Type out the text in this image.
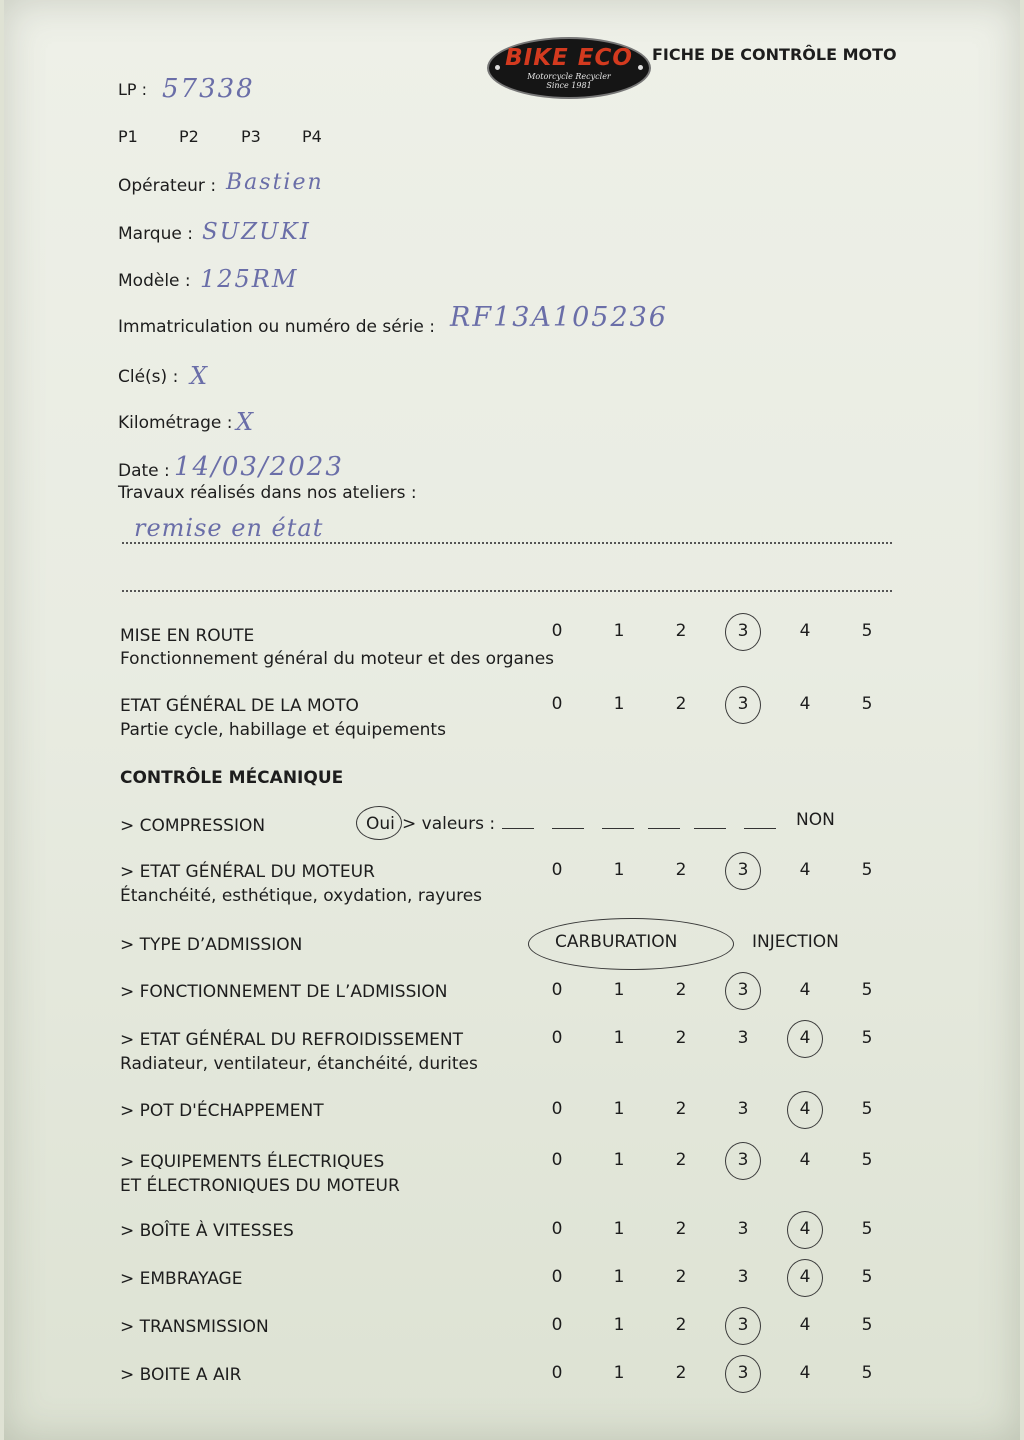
BIKE ECO
Motorcycle Recycler
Since 1981
FICHE DE CONTRÔLE MOTO
LP : 57338
P1	P2	P3	P4
Opérateur : Bastien
Marque : SUZUKI
Modèle : 125RM
Immatriculation ou numéro de série : RF13A105236
Clé(s) : X
Kilométrage : X
Date : 14/03/2023
Travaux réalisés dans nos ateliers :
remise en état
MISE EN ROUTE
Fonctionnement général du moteur et des organes
0	1	2	3	4	5
ETAT GÉNÉRAL DE LA MOTO
Partie cycle, habillage et équipements
0	1	2	3	4	5
CONTRÔLE MÉCANIQUE
> COMPRESSION	Oui > valeurs :	NON
> ETAT GÉNÉRAL DU MOTEUR
Étanchéité, esthétique, oxydation, rayures
0	1	2	3	4	5
> TYPE D’ADMISSION	CARBURATION	INJECTION
> FONCTIONNEMENT DE L’ADMISSION	0	1	2	3	4	5
> ETAT GÉNÉRAL DU REFROIDISSEMENT
Radiateur, ventilateur, étanchéité, durites
0	1	2	3	4	5
> POT D'ÉCHAPPEMENT	0	1	2	3	4	5
> EQUIPEMENTS ÉLECTRIQUES
ET ÉLECTRONIQUES DU MOTEUR
0	1	2	3	4	5
> BOÎTE À VITESSES	0	1	2	3	4	5
> EMBRAYAGE	0	1	2	3	4	5
> TRANSMISSION	0	1	2	3	4	5
> BOITE A AIR	0	1	2	3	4	5
